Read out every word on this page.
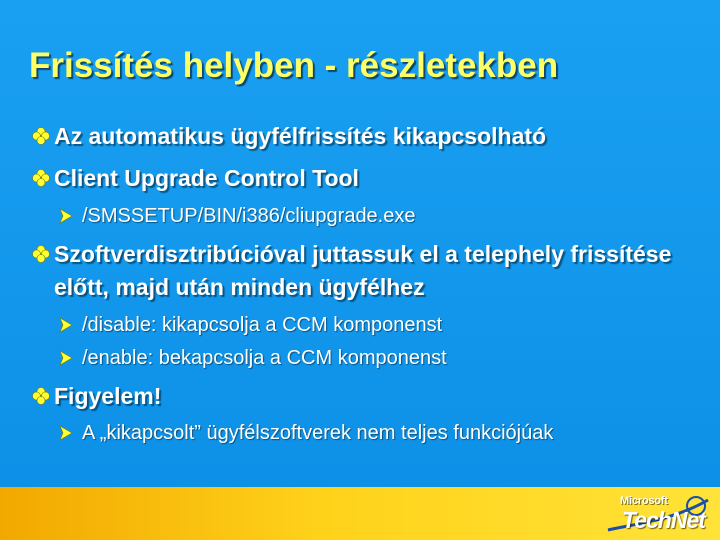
Frissítés helyben - részletekben
Az automatikus ügyfélfrissítés kikapcsolható
Client Upgrade Control Tool
/SMSSETUP/BIN/i386/cliupgrade.exe
Szoftverdisztribúcióval juttassuk el a telephely frissítése előtt, majd után minden ügyfélhez
/disable: kikapcsolja a CCM komponenst
/enable: bekapcsolja a CCM komponenst
Figyelem!
A „kikapcsolt” ügyfélszoftverek nem teljes funkciójúak
Microsoft
TechNet
